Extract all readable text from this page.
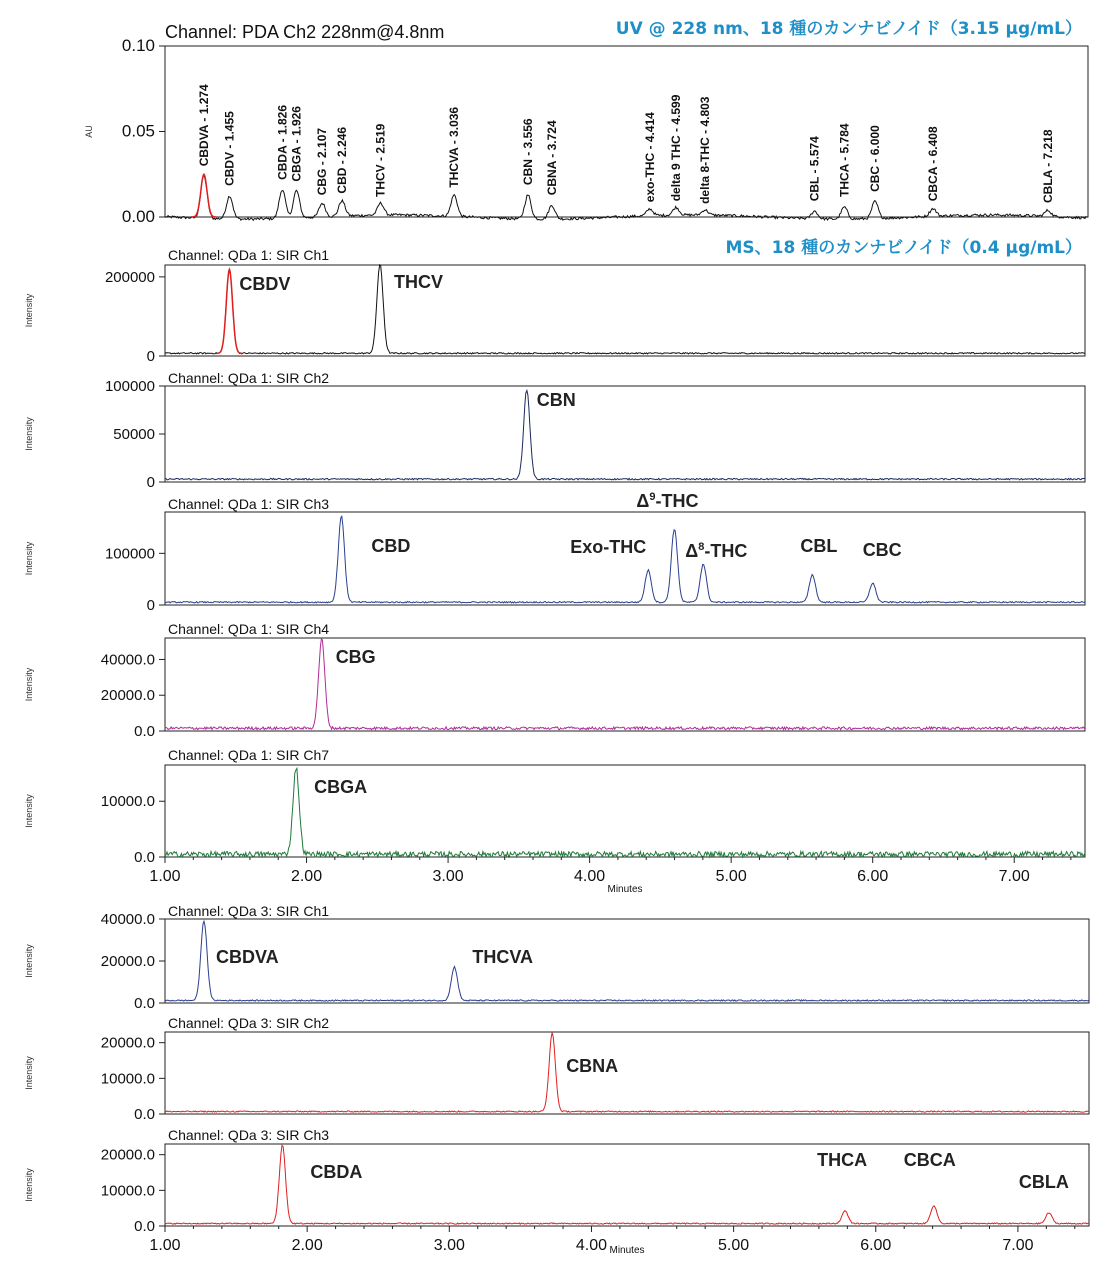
UV @ 228 nm、18 種のカンナビノイド（3.15 μg/mL）
MS、18 種のカンナビノイド（0.4 μg/mL）
Channel: PDA Ch2 228nm@4.8nm
AU
0.00
0.05
0.10
CBDVA - 1.274 CBDV - 1.455	CBDA - 1.826 CBGA - 1.926 CBG - 2.107 CBD - 2.246 THCV - 2.519	THCVA - 3.036	CBN - 3.556 CBNA - 3.724	exo-THC - 4.414 delta 9 THC - 4.599 delta 8-THC - 4.803	CBL - 5.574 THCA - 5.784 CBC - 6.000	CBCA - 6.408	CBLA - 7.218
Channel: QDa 1: SIR Ch1
Intensity
0
200000	CBDV	THCV
Channel: QDa 1: SIR Ch2
Intensity
0
50000
100000
CBN
Channel: QDa 1: SIR Ch3
Intensity
0
100000	CBD	Exo-THC
$\Delta^9$-THC
$\Delta^8$-THC	CBL CBC
Channel: QDa 1: SIR Ch4
Intensity
0.0
20000.0
40000.0	CBG
Channel: QDa 1: SIR Ch7
Intensity
0.0
10000.0
1.00	2.00	3.00	4.00	5.00	6.00	7.00
Minutes
CBGA
Channel: QDa 3: SIR Ch1
Intensity
0.0
20000.0
40000.0
CBDVA	THCVA
Channel: QDa 3: SIR Ch2
Intensity
0.0
10000.0
20000.0
CBNA
Channel: QDa 3: SIR Ch3
Intensity
0.0
10000.0
20000.0
1.00	2.00	3.00	4.00	5.00	6.00	7.00
Minutes
CBDA
THCA CBCA
CBLA
